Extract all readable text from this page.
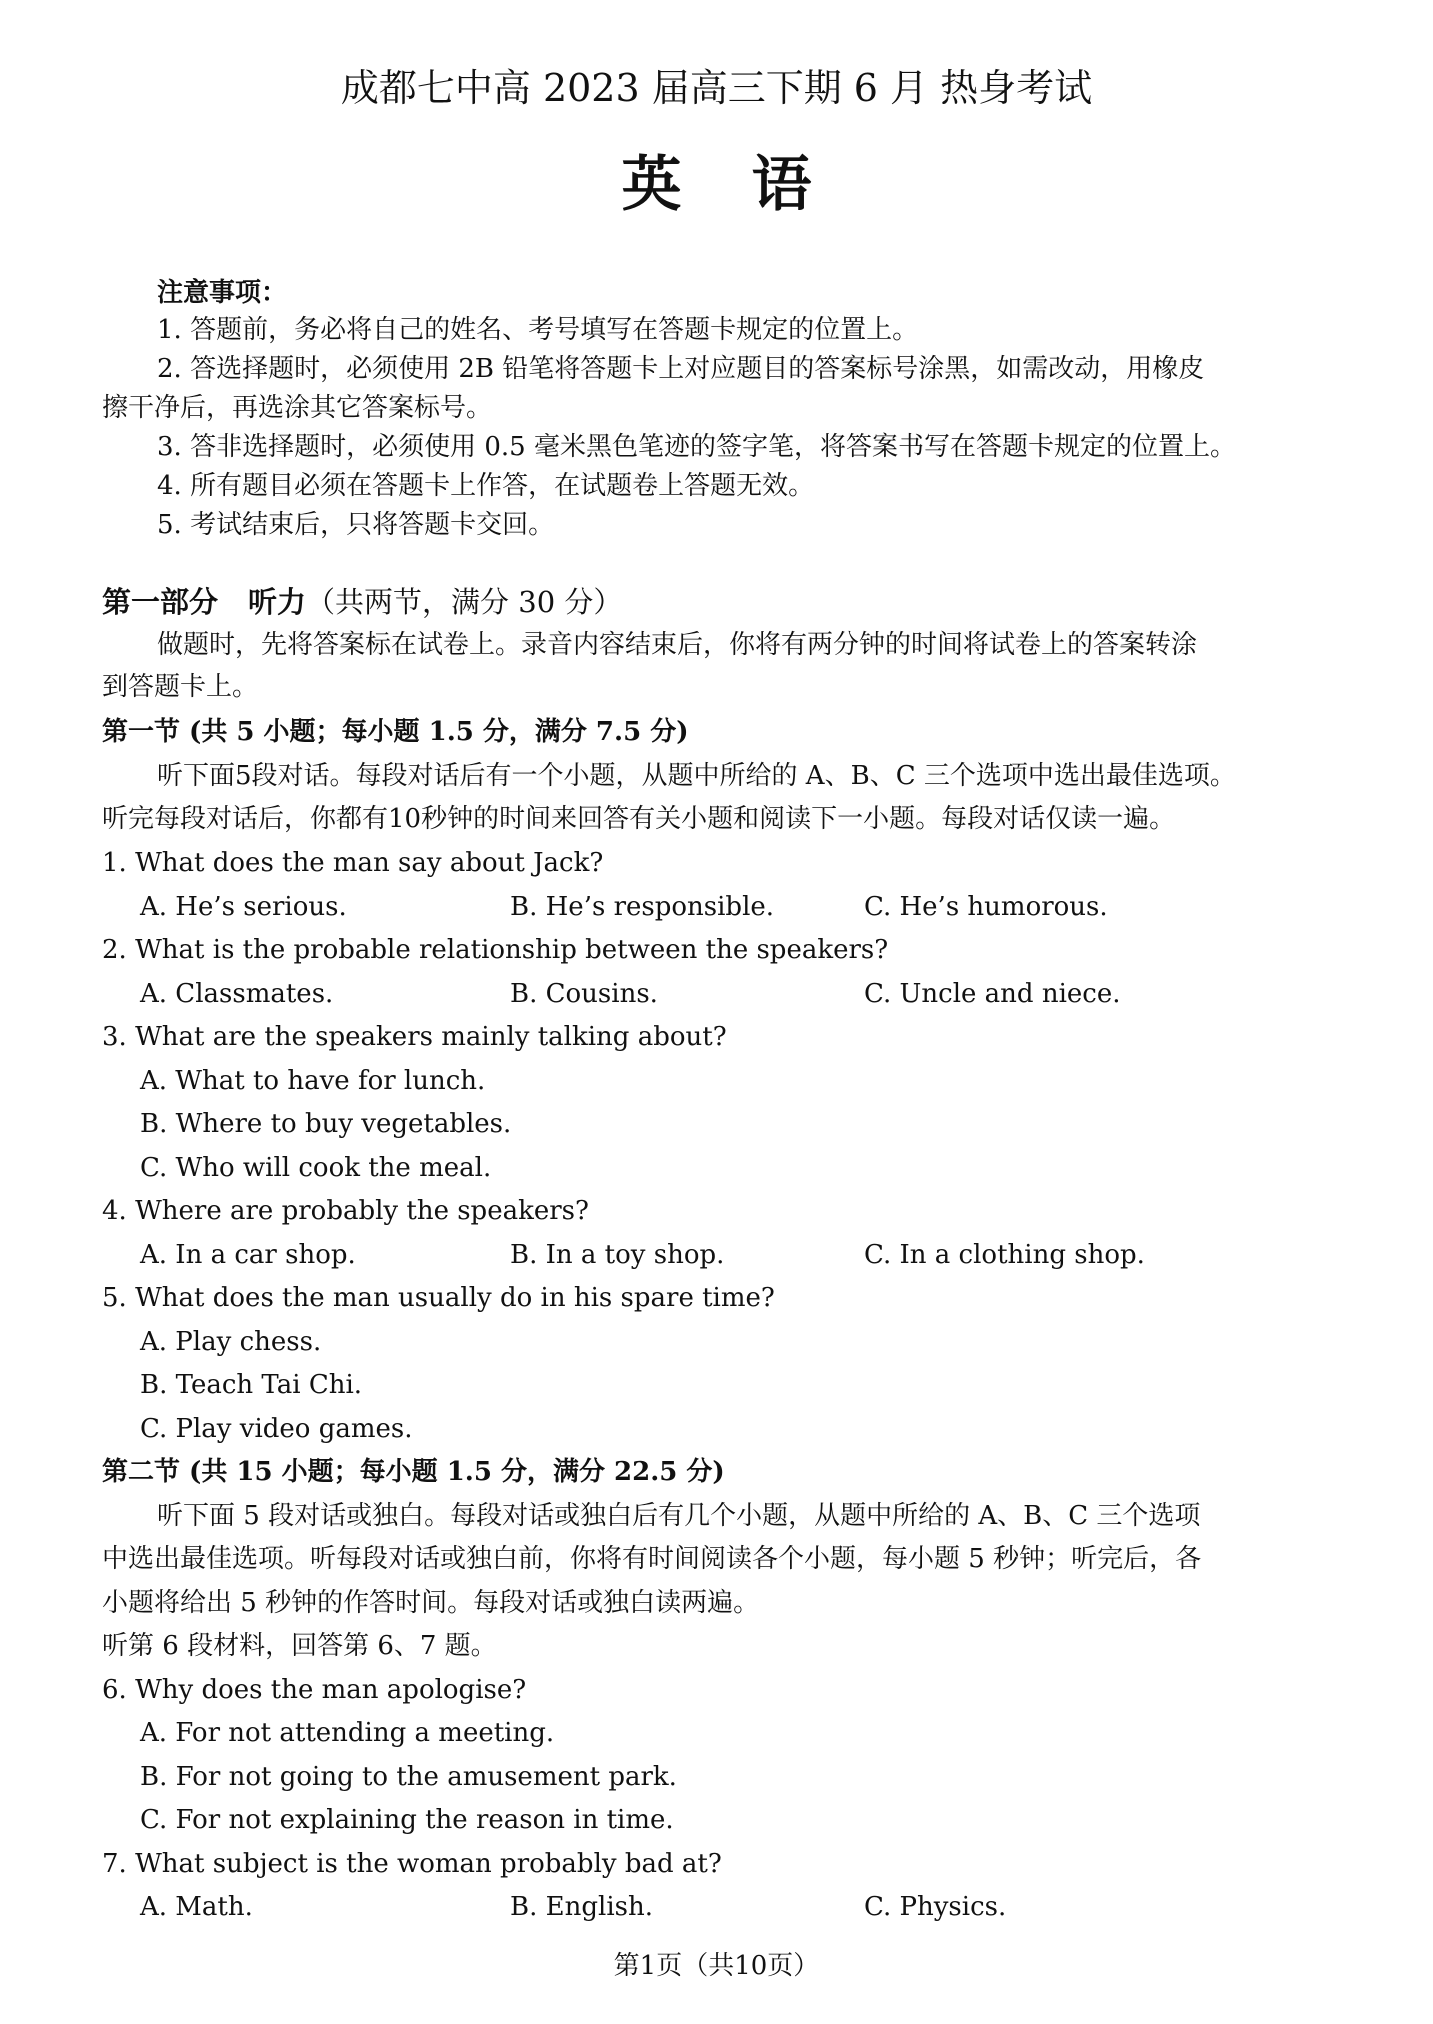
成都七中高 2023 届高三下期 6 月 热身考试
英语
注意事项：
1. 答题前，务必将自己的姓名、考号填写在答题卡规定的位置上。
2. 答选择题时，必须使用 2B 铅笔将答题卡上对应题目的答案标号涂黑，如需改动，用橡皮
擦干净后，再选涂其它答案标号。
3. 答非选择题时，必须使用 0.5 毫米黑色笔迹的签字笔，将答案书写在答题卡规定的位置上。
4. 所有题目必须在答题卡上作答，在试题卷上答题无效。
5. 考试结束后，只将答题卡交回。
第一部分 听力（共两节，满分 30 分）
做题时，先将答案标在试卷上。录音内容结束后，你将有两分钟的时间将试卷上的答案转涂
到答题卡上。
第一节 (共 5 小题；每小题 1.5 分，满分 7.5 分)
听下面5段对话。每段对话后有一个小题，从题中所给的 A、B、C 三个选项中选出最佳选项。
听完每段对话后，你都有10秒钟的时间来回答有关小题和阅读下一小题。每段对话仅读一遍。
1. What does the man say about Jack?
A. He’s serious.	B. He’s responsible.	C. He’s humorous.
2. What is the probable relationship between the speakers?
A. Classmates.	B. Cousins.	C. Uncle and niece.
3. What are the speakers mainly talking about?
A. What to have for lunch.
B. Where to buy vegetables.
C. Who will cook the meal.
4. Where are probably the speakers?
A. In a car shop.	B. In a toy shop.	C. In a clothing shop.
5. What does the man usually do in his spare time?
A. Play chess.
B. Teach Tai Chi.
C. Play video games.
第二节 (共 15 小题；每小题 1.5 分，满分 22.5 分)
听下面 5 段对话或独白。每段对话或独白后有几个小题，从题中所给的 A、B、C 三个选项
中选出最佳选项。听每段对话或独白前，你将有时间阅读各个小题，每小题 5 秒钟；听完后，各
小题将给出 5 秒钟的作答时间。每段对话或独白读两遍。
听第 6 段材料，回答第 6、7 题。
6. Why does the man apologise?
A. For not attending a meeting.
B. For not going to the amusement park.
C. For not explaining the reason in time.
7. What subject is the woman probably bad at?
A. Math.	B. English.	C. Physics.
第1页（共10页）
